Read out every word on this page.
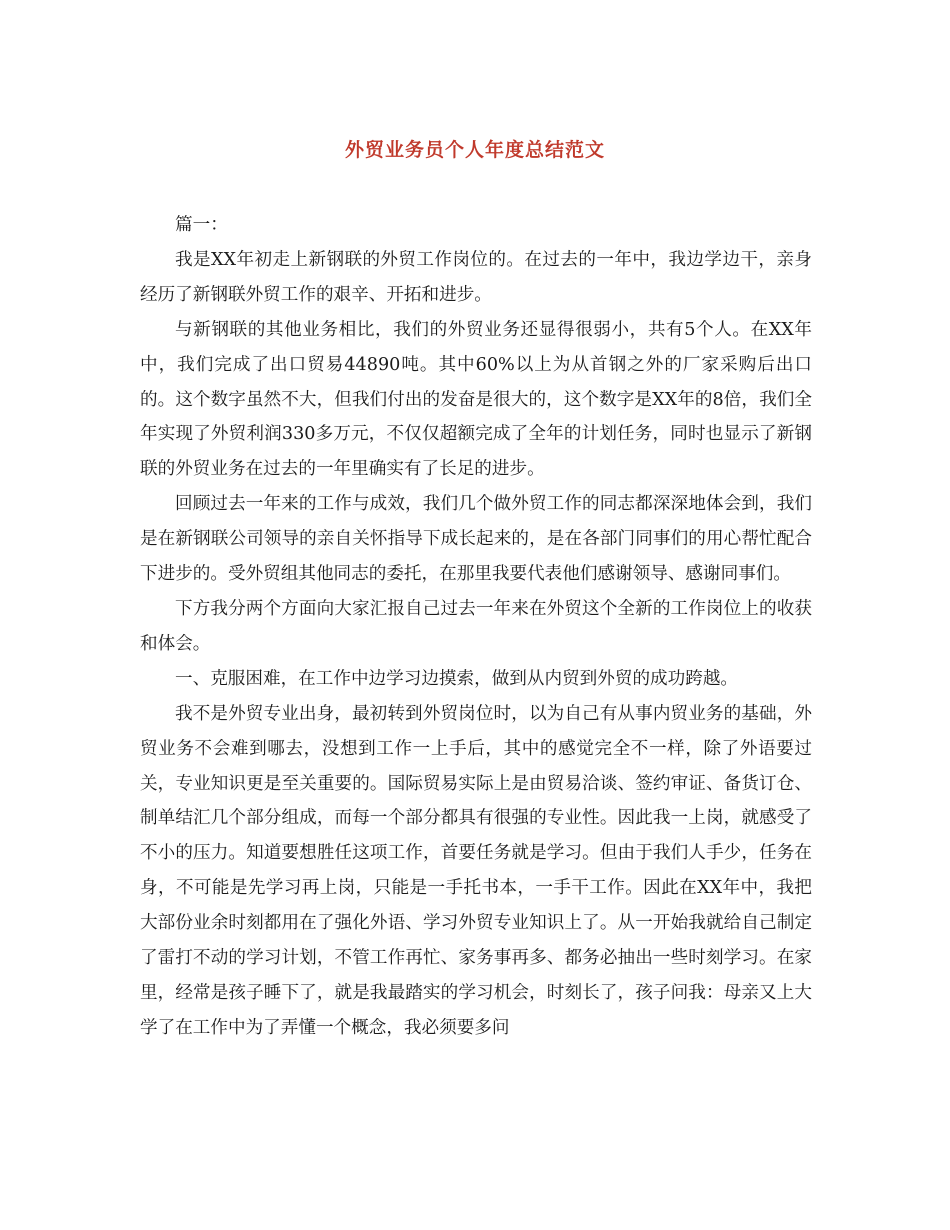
外贸业务员个人年度总结范文

篇一：

我是XX年初走上新钢联的外贸工作岗位的。在过去的一年中，我边学边干，亲身经历了新钢联外贸工作的艰辛、开拓和进步。

与新钢联的其他业务相比，我们的外贸业务还显得很弱小，共有5个人。在XX年中，我们完成了出口贸易44890吨。其中60%以上为从首钢之外的厂家采购后出口的。这个数字虽然不大，但我们付出的发奋是很大的，这个数字是XX年的8倍，我们全年实现了外贸利润330多万元，不仅仅超额完成了全年的计划任务，同时也显示了新钢联的外贸业务在过去的一年里确实有了长足的进步。

回顾过去一年来的工作与成效，我们几个做外贸工作的同志都深深地体会到，我们是在新钢联公司领导的亲自关怀指导下成长起来的，是在各部门同事们的用心帮忙配合下进步的。受外贸组其他同志的委托，在那里我要代表他们感谢领导、感谢同事们。

下方我分两个方面向大家汇报自己过去一年来在外贸这个全新的工作岗位上的收获和体会。

一、克服困难，在工作中边学习边摸索，做到从内贸到外贸的成功跨越。

我不是外贸专业出身，最初转到外贸岗位时，以为自己有从事内贸业务的基础，外贸业务不会难到哪去，没想到工作一上手后，其中的感觉完全不一样，除了外语要过关，专业知识更是至关重要的。国际贸易实际上是由贸易洽谈、签约审证、备货订仓、制单结汇几个部分组成，而每一个部分都具有很强的专业性。因此我一上岗，就感受了不小的压力。知道要想胜任这项工作，首要任务就是学习。但由于我们人手少，任务在身，不可能是先学习再上岗，只能是一手托书本，一手干工作。因此在XX年中，我把大部份业余时刻都用在了强化外语、学习外贸专业知识上了。从一开始我就给自己制定了雷打不动的学习计划，不管工作再忙、家务事再多、都务必抽出一些时刻学习。在家里，经常是孩子睡下了，就是我最踏实的学习机会，时刻长了，孩子问我：母亲又上大学了在工作中为了弄懂一个概念，我必须要多问
